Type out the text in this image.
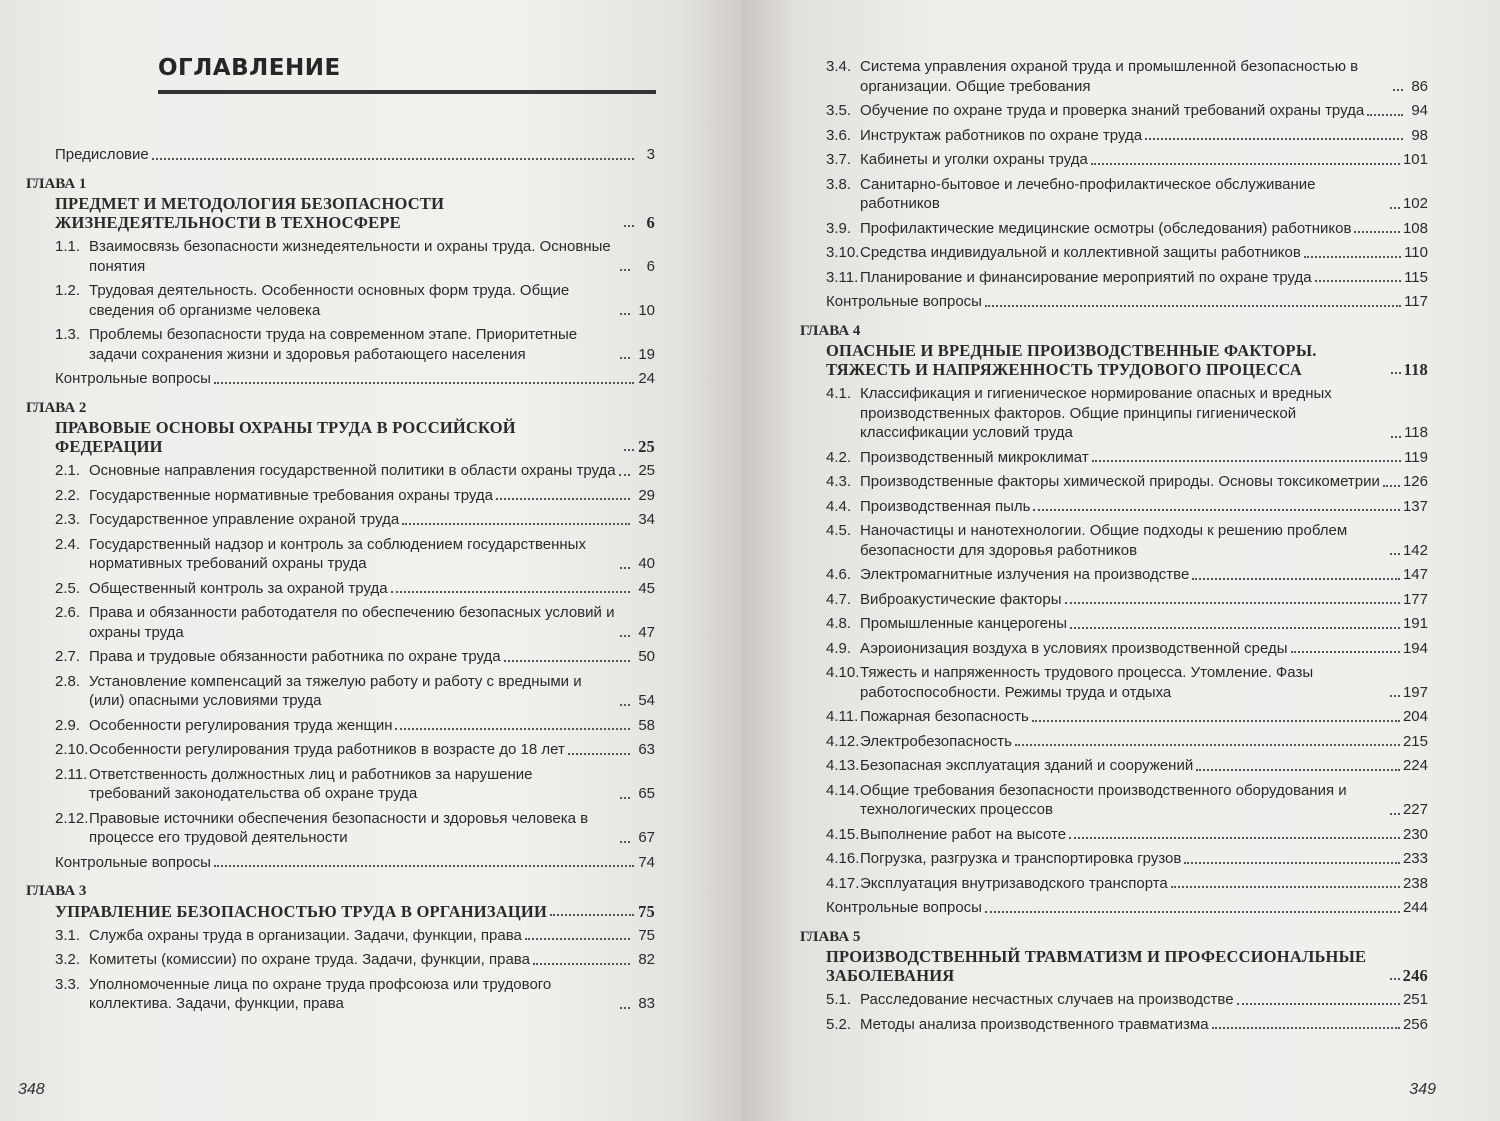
ОГЛАВЛЕНИЕ
Предисловие	3
ГЛАВА 1
ПРЕДМЕТ И МЕТОДОЛОГИЯ БЕЗОПАСНОСТИ ЖИЗНЕДЕЯТЕЛЬНОСТИ В ТЕХНОСФЕРЕ	6
1.1. Взаимосвязь безопасности жизнедеятельности и охраны труда. Основные понятия	6
1.2. Трудовая деятельность. Особенности основных форм труда. Общие сведения об организме человека	10
1.3. Проблемы безопасности труда на современном этапе. Приоритетные задачи сохранения жизни и здоровья работающего населения	19
Контрольные вопросы	24
ГЛАВА 2
ПРАВОВЫЕ ОСНОВЫ ОХРАНЫ ТРУДА В РОССИЙСКОЙ ФЕДЕРАЦИИ	25
2.1. Основные направления государственной политики в области охраны труда	25
2.2. Государственные нормативные требования охраны труда	29
2.3. Государственное управление охраной труда	34
2.4. Государственный надзор и контроль за соблюдением государственных нормативных требований охраны труда	40
2.5. Общественный контроль за охраной труда	45
2.6. Права и обязанности работодателя по обеспечению безопасных условий и охраны труда	47
2.7. Права и трудовые обязанности работника по охране труда	50
2.8. Установление компенсаций за тяжелую работу и работу с вредными и (или) опасными условиями труда	54
2.9. Особенности регулирования труда женщин	58
2.10. Особенности регулирования труда работников в возрасте до 18 лет	63
2.11. Ответственность должностных лиц и работников за нарушение требований законодательства об охране труда	65
2.12. Правовые источники обеспечения безопасности и здоровья человека в процессе его трудовой деятельности	67
Контрольные вопросы	74
ГЛАВА 3
УПРАВЛЕНИЕ БЕЗОПАСНОСТЬЮ ТРУДА В ОРГАНИЗАЦИИ	75
3.1. Служба охраны труда в организации. Задачи, функции, права	75
3.2. Комитеты (комиссии) по охране труда. Задачи, функции, права	82
3.3. Уполномоченные лица по охране труда профсоюза или трудового коллектива. Задачи, функции, права	83
348
3.4. Система управления охраной труда и промышленной безопасностью в организации. Общие требования	86
3.5. Обучение по охране труда и проверка знаний требований охраны труда	94
3.6. Инструктаж работников по охране труда	98
3.7. Кабинеты и уголки охраны труда	101
3.8. Санитарно-бытовое и лечебно-профилактическое обслуживание работников	102
3.9. Профилактические медицинские осмотры (обследования) работников	108
3.10. Средства индивидуальной и коллективной защиты работников	110
3.11. Планирование и финансирование мероприятий по охране труда	115
Контрольные вопросы	117
ГЛАВА 4
ОПАСНЫЕ И ВРЕДНЫЕ ПРОИЗВОДСТВЕННЫЕ ФАКТОРЫ. ТЯЖЕСТЬ И НАПРЯЖЕННОСТЬ ТРУДОВОГО ПРОЦЕССА	118
4.1. Классификация и гигиеническое нормирование опасных и вредных производственных факторов. Общие принципы гигиенической классификации условий труда	118
4.2. Производственный микроклимат	119
4.3. Производственные факторы химической природы. Основы токсикометрии 126
4.4. Производственная пыль	137
4.5. Наночастицы и нанотехнологии. Общие подходы к решению проблем безопасности для здоровья работников	142
4.6. Электромагнитные излучения на производстве	147
4.7. Виброакустические факторы	177
4.8. Промышленные канцерогены	191
4.9. Аэроионизация воздуха в условиях производственной среды	194
4.10. Тяжесть и напряженность трудового процесса. Утомление. Фазы работоспособности. Режимы труда и отдыха	197
4.11. Пожарная безопасность	204
4.12. Электробезопасность	215
4.13. Безопасная эксплуатация зданий и сооружений	224
4.14. Общие требования безопасности производственного оборудования и технологических процессов	227
4.15. Выполнение работ на высоте	230
4.16. Погрузка, разгрузка и транспортировка грузов	233
4.17. Эксплуатация внутризаводского транспорта	238
Контрольные вопросы	244
ГЛАВА 5
ПРОИЗВОДСТВЕННЫЙ ТРАВМАТИЗМ И ПРОФЕССИОНАЛЬНЫЕ ЗАБОЛЕВАНИЯ	246
5.1. Расследование несчастных случаев на производстве	251
5.2. Методы анализа производственного травматизма	256
349
